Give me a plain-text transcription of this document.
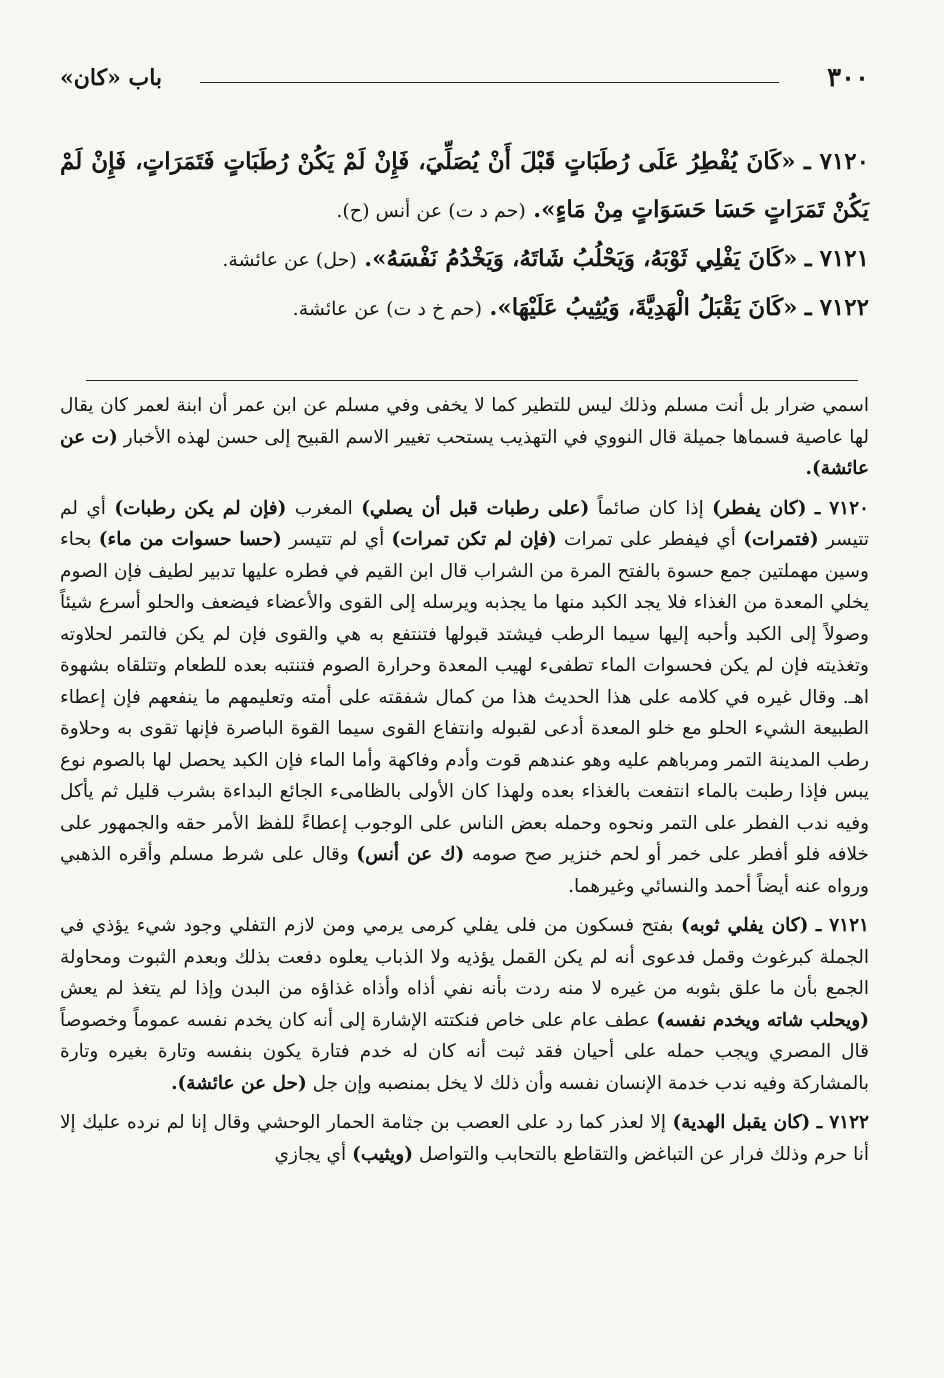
٣٠٠
باب «كان»

٧١٢٠ ـ «كَانَ يُفْطِرُ عَلَى رُطَبَاتٍ قَبْلَ أَنْ يُصَلِّيَ، فَإِنْ لَمْ يَكُنْ رُطَبَاتٍ فَتَمَرَاتٍ، فَإِنْ لَمْ يَكُنْ تَمَرَاتٍ حَسَا حَسَوَاتٍ مِنْ مَاءٍ». (حم د ت) عن أنس (ح).

٧١٢١ ـ «كَانَ يَفْلِي ثَوْبَهُ، وَيَحْلُبُ شَاتَهُ، وَيَخْدُمُ نَفْسَهُ». (حل) عن عائشة.

٧١٢٢ ـ «كَانَ يَقْبَلُ الْهَدِيَّةَ، وَيُثِيبُ عَلَيْهَا». (حم خ د ت) عن عائشة.

اسمي ضرار بل أنت مسلم وذلك ليس للتطير كما لا يخفى وفي مسلم عن ابن عمر أن ابنة لعمر كان يقال لها عاصية فسماها جميلة قال النووي في التهذيب يستحب تغيير الاسم القبيح إلى حسن لهذه الأخبار (ت عن عائشة).

٧١٢٠ ـ (كان يفطر) إذا كان صائماً (على رطبات قبل أن يصلي) المغرب (فإن لم يكن رطبات) أي لم تتيسر (فتمرات) أي فيفطر على تمرات (فإن لم تكن تمرات) أي لم تتيسر (حسا حسوات من ماء) بحاء وسين مهملتين جمع حسوة بالفتح المرة من الشراب قال ابن القيم في فطره عليها تدبير لطيف فإن الصوم يخلي المعدة من الغذاء فلا يجد الكبد منها ما يجذبه ويرسله إلى القوى والأعضاء فيضعف والحلو أسرع شيئاً وصولاً إلى الكبد وأحبه إليها سيما الرطب فيشتد قبولها فتنتفع به هي والقوى فإن لم يكن فالتمر لحلاوته وتغذيته فإن لم يكن فحسوات الماء تطفىء لهيب المعدة وحرارة الصوم فتنتبه بعده للطعام وتتلقاه بشهوة اهـ. وقال غيره في كلامه على هذا الحديث هذا من كمال شفقته على أمته وتعليمهم ما ينفعهم فإن إعطاء الطبيعة الشيء الحلو مع خلو المعدة أدعى لقبوله وانتفاع القوى سيما القوة الباصرة فإنها تقوى به وحلاوة رطب المدينة التمر ومرباهم عليه وهو عندهم قوت وأدم وفاكهة وأما الماء فإن الكبد يحصل لها بالصوم نوع يبس فإذا رطبت بالماء انتفعت بالغذاء بعده ولهذا كان الأولى بالظامىء الجائع البداءة بشرب قليل ثم يأكل وفيه ندب الفطر على التمر ونحوه وحمله بعض الناس على الوجوب إعطاءً للفظ الأمر حقه والجمهور على خلافه فلو أفطر على خمر أو لحم خنزير صح صومه (ك عن أنس) وقال على شرط مسلم وأقره الذهبي ورواه عنه أيضاً أحمد والنسائي وغيرهما.

٧١٢١ ـ (كان يفلي ثوبه) بفتح فسكون من فلى يفلي كرمى يرمي ومن لازم التفلي وجود شيء يؤذي في الجملة كبرغوث وقمل فدعوى أنه لم يكن القمل يؤذيه ولا الذباب يعلوه دفعت بذلك وبعدم الثبوت ومحاولة الجمع بأن ما علق بثوبه من غيره لا منه ردت بأنه نفي أذاه وأذاه غذاؤه من البدن وإذا لم يتغذ لم يعش (ويحلب شاته ويخدم نفسه) عطف عام على خاص فنكتته الإشارة إلى أنه كان يخدم نفسه عموماً وخصوصاً قال المصري ويجب حمله على أحيان فقد ثبت أنه كان له خدم فتارة يكون بنفسه وتارة بغيره وتارة بالمشاركة وفيه ندب خدمة الإنسان نفسه وأن ذلك لا يخل بمنصبه وإن جل (حل عن عائشة).

٧١٢٢ ـ (كان يقبل الهدية) إلا لعذر كما رد على العصب بن جثامة الحمار الوحشي وقال إنا لم نرده عليك إلا أنا حرم وذلك فرار عن التباغض والتقاطع بالتحابب والتواصل (ويثيب) أي يجازي
